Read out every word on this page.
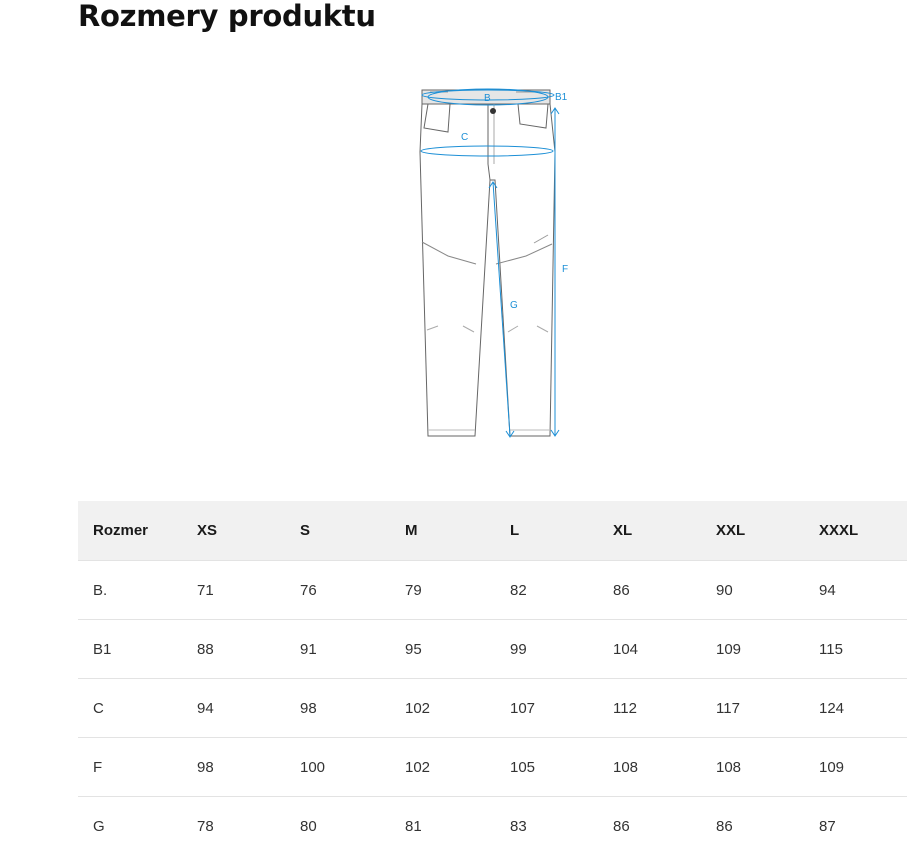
Rozmery produktu
B	B1
C
F
G
Rozmer	XS	S	M	L	XL	XXL	XXXL
B.	71	76	79	82	86	90	94
B1	88	91	95	99	104	109	115
C	94	98	102	107	112	117	124
F	98	100	102	105	108	108	109
G	78	80	81	83	86	86	87
